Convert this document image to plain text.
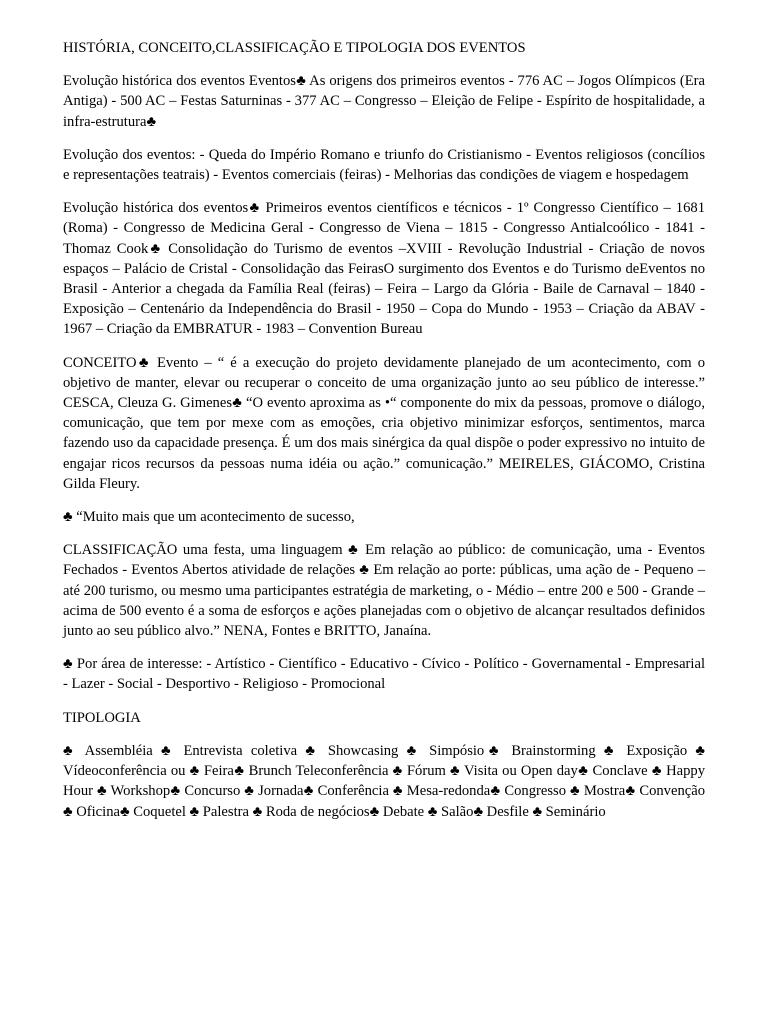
HISTÓRIA, CONCEITO,CLASSIFICAÇÃO E TIPOLOGIA DOS EVENTOS

Evolução histórica dos eventos Eventos♣ As origens dos primeiros eventos - 776 AC – Jogos Olímpicos (Era Antiga) - 500 AC – Festas Saturninas - 377 AC – Congresso – Eleição de Felipe - Espírito de hospitalidade, a infra-estrutura♣

Evolução dos eventos: - Queda do Império Romano e triunfo do Cristianismo - Eventos religiosos (concílios e representações teatrais) - Eventos comerciais (feiras) - Melhorias das condições de viagem e hospedagem

Evolução histórica dos eventos♣ Primeiros eventos científicos e técnicos - 1º Congresso Científico – 1681 (Roma) - Congresso de Medicina Geral - Congresso de Viena – 1815 - Congresso Antialcoólico - 1841 - Thomaz Cook♣ Consolidação do Turismo de eventos –XVIII - Revolução Industrial - Criação de novos espaços – Palácio de Cristal - Consolidação das FeirasO surgimento dos Eventos e do Turismo deEventos no Brasil - Anterior a chegada da Família Real (feiras) – Feira – Largo da Glória - Baile de Carnaval – 1840 - Exposição – Centenário da Independência do Brasil - 1950 – Copa do Mundo - 1953 – Criação da ABAV - 1967 – Criação da EMBRATUR - 1983 – Convention Bureau

CONCEITO♣ Evento – “ é a execução do projeto devidamente planejado de um acontecimento, com o objetivo de manter, elevar ou recuperar o conceito de uma organização junto ao seu público de interesse.” CESCA, Cleuza G. Gimenes♣ “O evento aproxima as •“ componente do mix da pessoas, promove o diálogo, comunicação, que tem por mexe com as emoções, cria objetivo minimizar esforços, sentimentos, marca fazendo uso da capacidade presença. É um dos mais sinérgica da qual dispõe o poder expressivo no intuito de engajar ricos recursos da pessoas numa idéia ou ação.” comunicação.” MEIRELES, GIÁCOMO, Cristina Gilda Fleury.

♣ “Muito mais que um acontecimento de sucesso,

CLASSIFICAÇÃO uma festa, uma linguagem ♣ Em relação ao público: de comunicação, uma - Eventos Fechados - Eventos Abertos atividade de relações ♣ Em relação ao porte: públicas, uma ação de - Pequeno – até 200 turismo, ou mesmo uma participantes estratégia de marketing, o - Médio – entre 200 e 500 - Grande – acima de 500 evento é a soma de esforços e ações planejadas com o objetivo de alcançar resultados definidos junto ao seu público alvo.” NENA, Fontes e BRITTO, Janaína.

♣ Por área de interesse: - Artístico - Científico - Educativo - Cívico - Político - Governamental - Empresarial - Lazer - Social - Desportivo - Religioso - Promocional

TIPOLOGIA

♣ Assembléia ♣ Entrevista coletiva ♣ Showcasing ♣ Simpósio♣ Brainstorming ♣ Exposição ♣ Vídeoconferência ou ♣ Feira♣ Brunch Teleconferência ♣ Fórum ♣ Visita ou Open day♣ Conclave ♣ Happy Hour ♣ Workshop♣ Concurso ♣ Jornada♣ Conferência ♣ Mesa-redonda♣ Congresso ♣ Mostra♣ Convenção ♣ Oficina♣ Coquetel ♣ Palestra ♣ Roda de negócios♣ Debate ♣ Salão♣ Desfile ♣ Seminário
